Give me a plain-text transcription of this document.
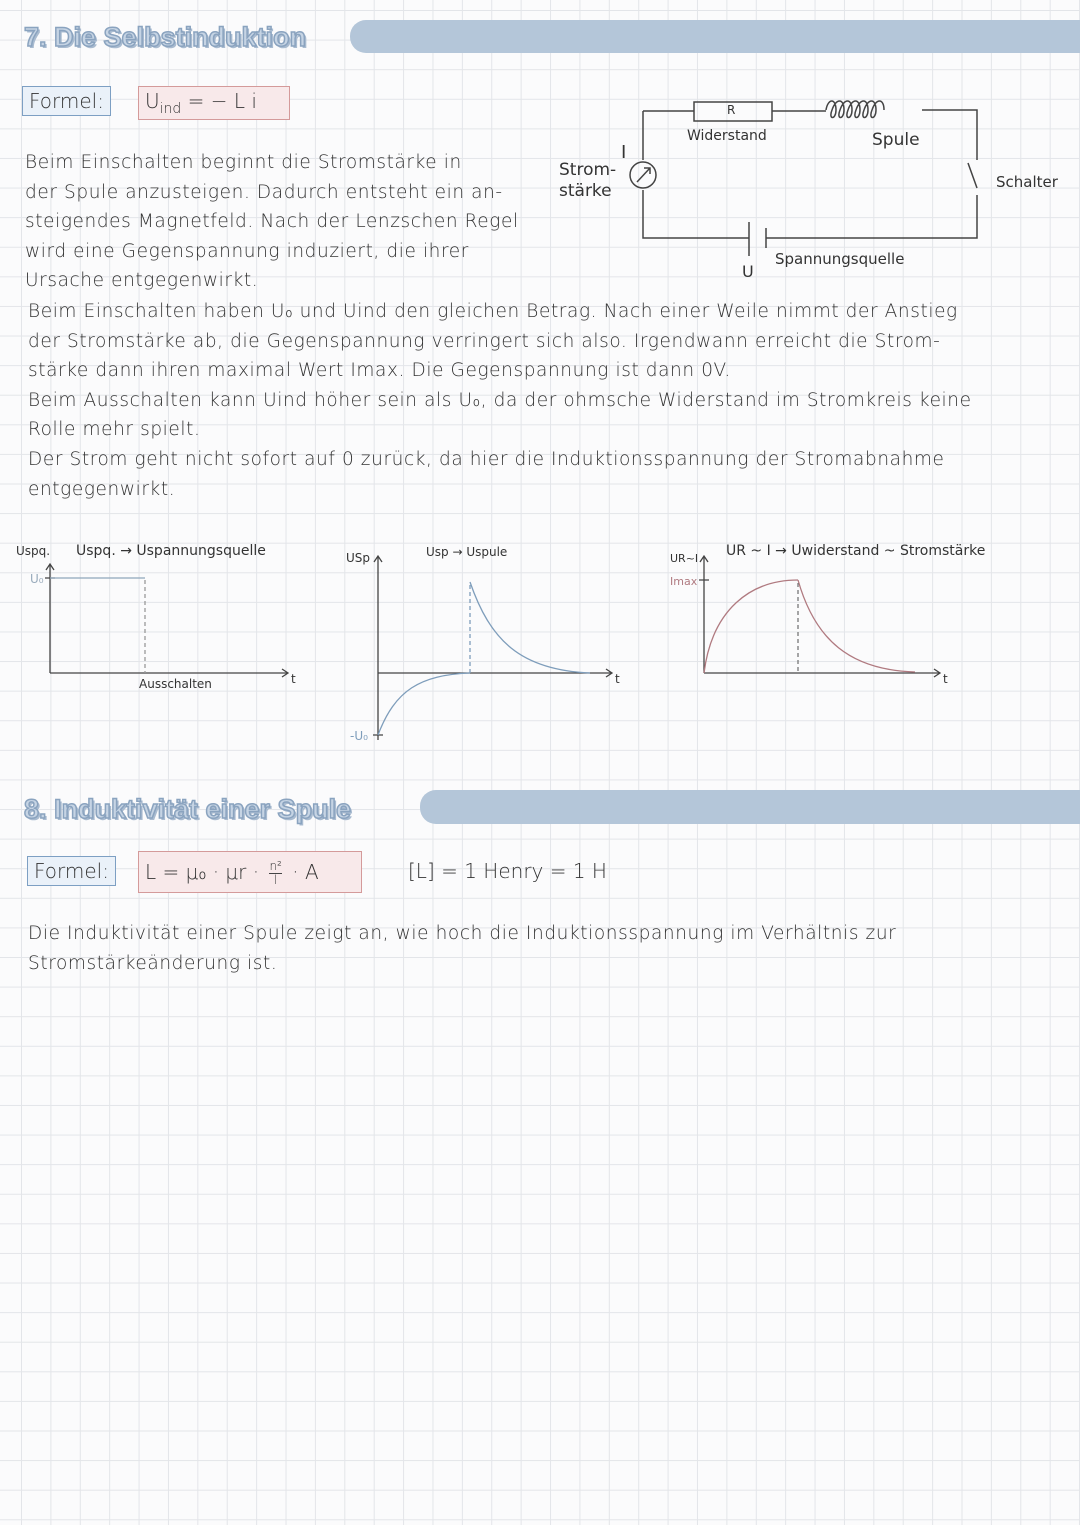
7. Die Selbstinduktion
Formel:	$U_{ind}$ = − L i
Beim Einschalten beginnt die Stromstärke in
der Spule anzusteigen. Dadurch entsteht ein an-
steigendes Magnetfeld. Nach der Lenzschen Regel
wird eine Gegenspannung induziert, die ihrer
Ursache entgegenwirkt.
R
Widerstand	Spule
Schalter
Spannungsquelle
U
I
Strom-
stärke
Beim Einschalten haben U₀ und Uind den gleichen Betrag. Nach einer Weile nimmt der Anstieg
der Stromstärke ab, die Gegenspannung verringert sich also. Irgendwann erreicht die Strom-
stärke dann ihren maximal Wert Imax. Die Gegenspannung ist dann 0V.
Beim Ausschalten kann Uind höher sein als U₀, da der ohmsche Widerstand im Stromkreis keine
Rolle mehr spielt.
Der Strom geht nicht sofort auf 0 zurück, da hier die Induktionsspannung der Stromabnahme
entgegenwirkt.
Uspq. Uspq. → Uspannungsquelle
U₀
Ausschalten	t
USp	Usp → Uspule
-U₀
t
UR~I UR ~ I → Uwiderstand ~ Stromstärke
Imax
t
8. Induktivität einer Spule
Formel:	$L = \mu_0 \cdot \mu r \cdot \frac{\text{n²}}{l} \cdot A$	[L] = 1 Henry = 1 H
Die Induktivität einer Spule zeigt an, wie hoch die Induktionsspannung im Verhältnis zur
Stromstärkeänderung ist.
